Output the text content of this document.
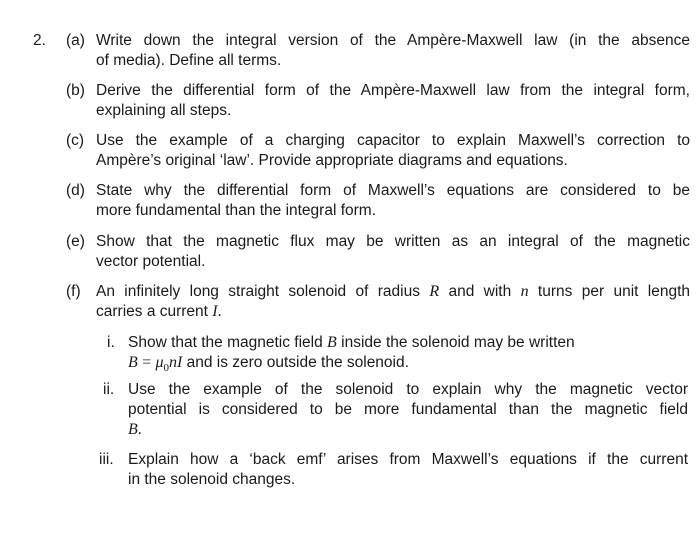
2. (a) Write down the integral version of the Ampère-Maxwell law (in the absence
of media). Define all terms.
(b) Derive the differential form of the Ampère-Maxwell law from the integral form,
explaining all steps.
(c) Use the example of a charging capacitor to explain Maxwell’s correction to
Ampère’s original ‘law’. Provide appropriate diagrams and equations.
(d) State why the differential form of Maxwell’s equations are considered to be
more fundamental than the integral form.
(e) Show that the magnetic flux may be written as an integral of the magnetic
vector potential.
(f) An infinitely long straight solenoid of radius R and with n turns per unit length
carries a current I.
i. Show that the magnetic field B inside the solenoid may be written
$B = \mu_0nI$ and is zero outside the solenoid.
ii. Use the example of the solenoid to explain why the magnetic vector
potential is considered to be more fundamental than the magnetic field
B.
iii. Explain how a ‘back emf’ arises from Maxwell’s equations if the current
in the solenoid changes.
